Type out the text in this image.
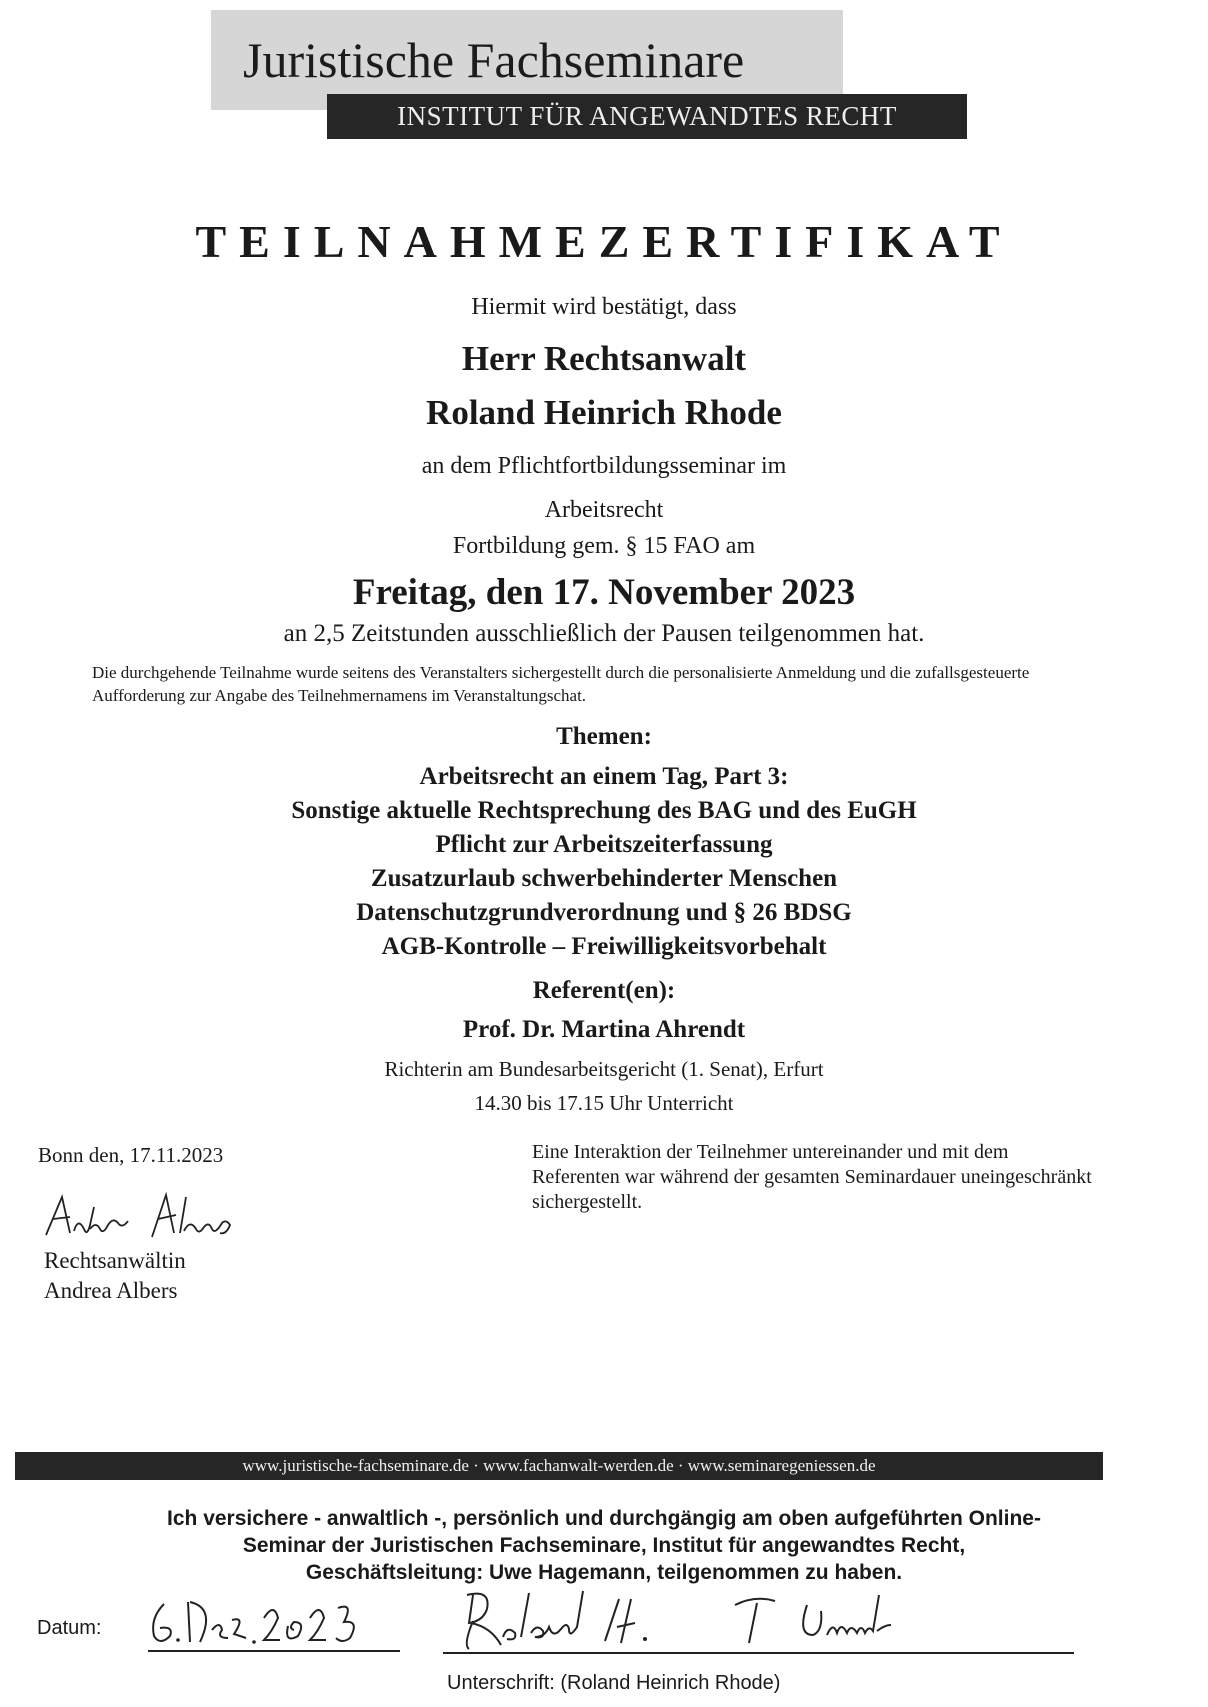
Juristische Fachseminare
INSTITUT FÜR ANGEWANDTES RECHT
TEILNAHMEZERTIFIKAT
Hiermit wird bestätigt, dass
Herr Rechtsanwalt
Roland Heinrich Rhode
an dem Pflichtfortbildungsseminar im
Arbeitsrecht
Fortbildung gem. § 15 FAO am
Freitag, den 17. November 2023
an 2,5 Zeitstunden ausschließlich der Pausen teilgenommen hat.
Die durchgehende Teilnahme wurde seitens des Veranstalters sichergestellt durch die personalisierte Anmeldung und die zufallsgesteuerte Aufforderung zur Angabe des Teilnehmernamens im Veranstaltungschat.
Themen:
Arbeitsrecht an einem Tag, Part 3:
Sonstige aktuelle Rechtsprechung des BAG und des EuGH
Pflicht zur Arbeitszeiterfassung
Zusatzurlaub schwerbehinderter Menschen
Datenschutzgrundverordnung und § 26 BDSG
AGB-Kontrolle – Freiwilligkeitsvorbehalt
Referent(en):
Prof. Dr. Martina Ahrendt
Richterin am Bundesarbeitsgericht (1. Senat), Erfurt
14.30 bis 17.15 Uhr Unterricht
Bonn den, 17.11.2023
Rechtsanwältin
Andrea Albers
Eine Interaktion der Teilnehmer untereinander und mit dem Referenten war während der gesamten Seminardauer uneingeschränkt sichergestellt.
www.juristische-fachseminare.de · www.fachanwalt-werden.de · www.seminaregeniessen.de
Ich versichere - anwaltlich -, persönlich und durchgängig am oben aufgeführten Online-
Seminar der Juristischen Fachseminare, Institut für angewandtes Recht,
Geschäftsleitung: Uwe Hagemann, teilgenommen zu haben.
Datum:
Unterschrift: (Roland Heinrich Rhode)
